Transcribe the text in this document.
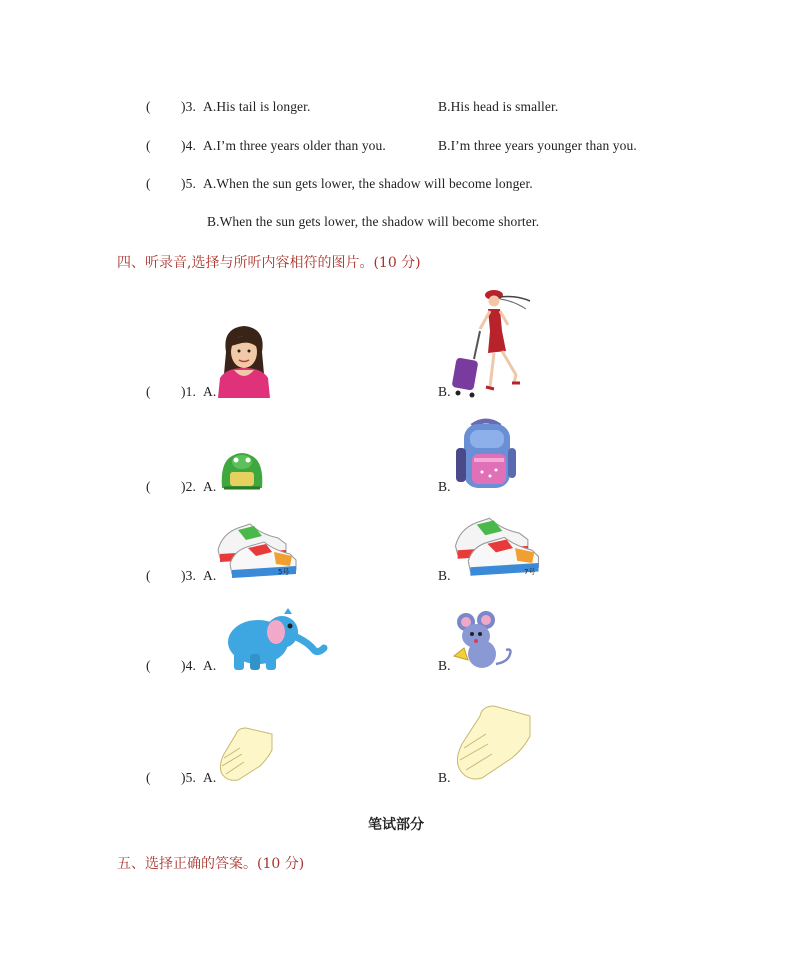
( )3. A.His tail is longer.	B.His head is smaller.
( )4. A.I’m three years older than you.	B.I’m three years younger than you.
( )5. A.When the sun gets lower, the shadow will become longer.
B.When the sun gets lower, the shadow will become shorter.
四、听录音,选择与所听内容相符的图片。(10 分)
( )1. A.	B.
( )2. A.	B.
( )3. A.	B.
5号	7号
( )4. A.	B.
( )5. A.	B.
笔试部分
五、选择正确的答案。(10 分)
